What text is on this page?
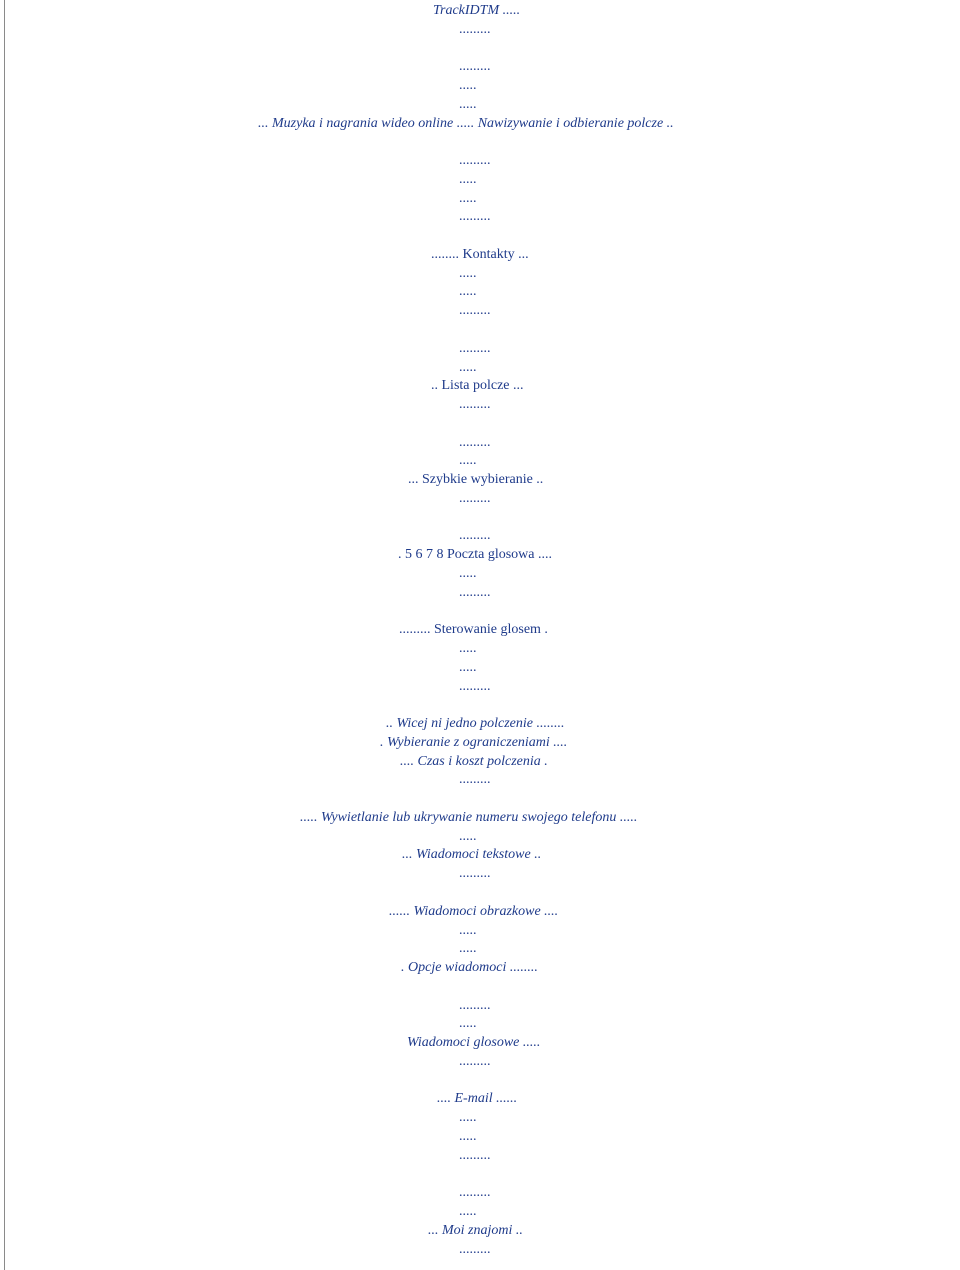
TrackIDTM .....
.........
.........
.....
.....
... Muzyka i nagrania wideo online ..... Nawizywanie i odbieranie polcze ..
.........
.....
.....
.........
........ Kontakty ...
.....
.....
.........
.........
.....
.. Lista polcze ...
.........
.........
.....
... Szybkie wybieranie ..
.........
.........
. 5 6 7 8 Poczta glosowa ....
.....
.........
......... Sterowanie glosem .
.....
.....
.........
.. Wicej ni jedno polczenie ........
. Wybieranie z ograniczeniami ....
.... Czas i koszt polczenia .
.........
..... Wywietlanie lub ukrywanie numeru swojego telefonu .....
.....
... Wiadomoci tekstowe ..
.........
...... Wiadomoci obrazkowe ....
.....
.....
. Opcje wiadomoci ........
.........
.....
Wiadomoci glosowe .....
.........
.... E-mail ......
.....
.....
.........
.........
.....
... Moi znajomi ..
.........
